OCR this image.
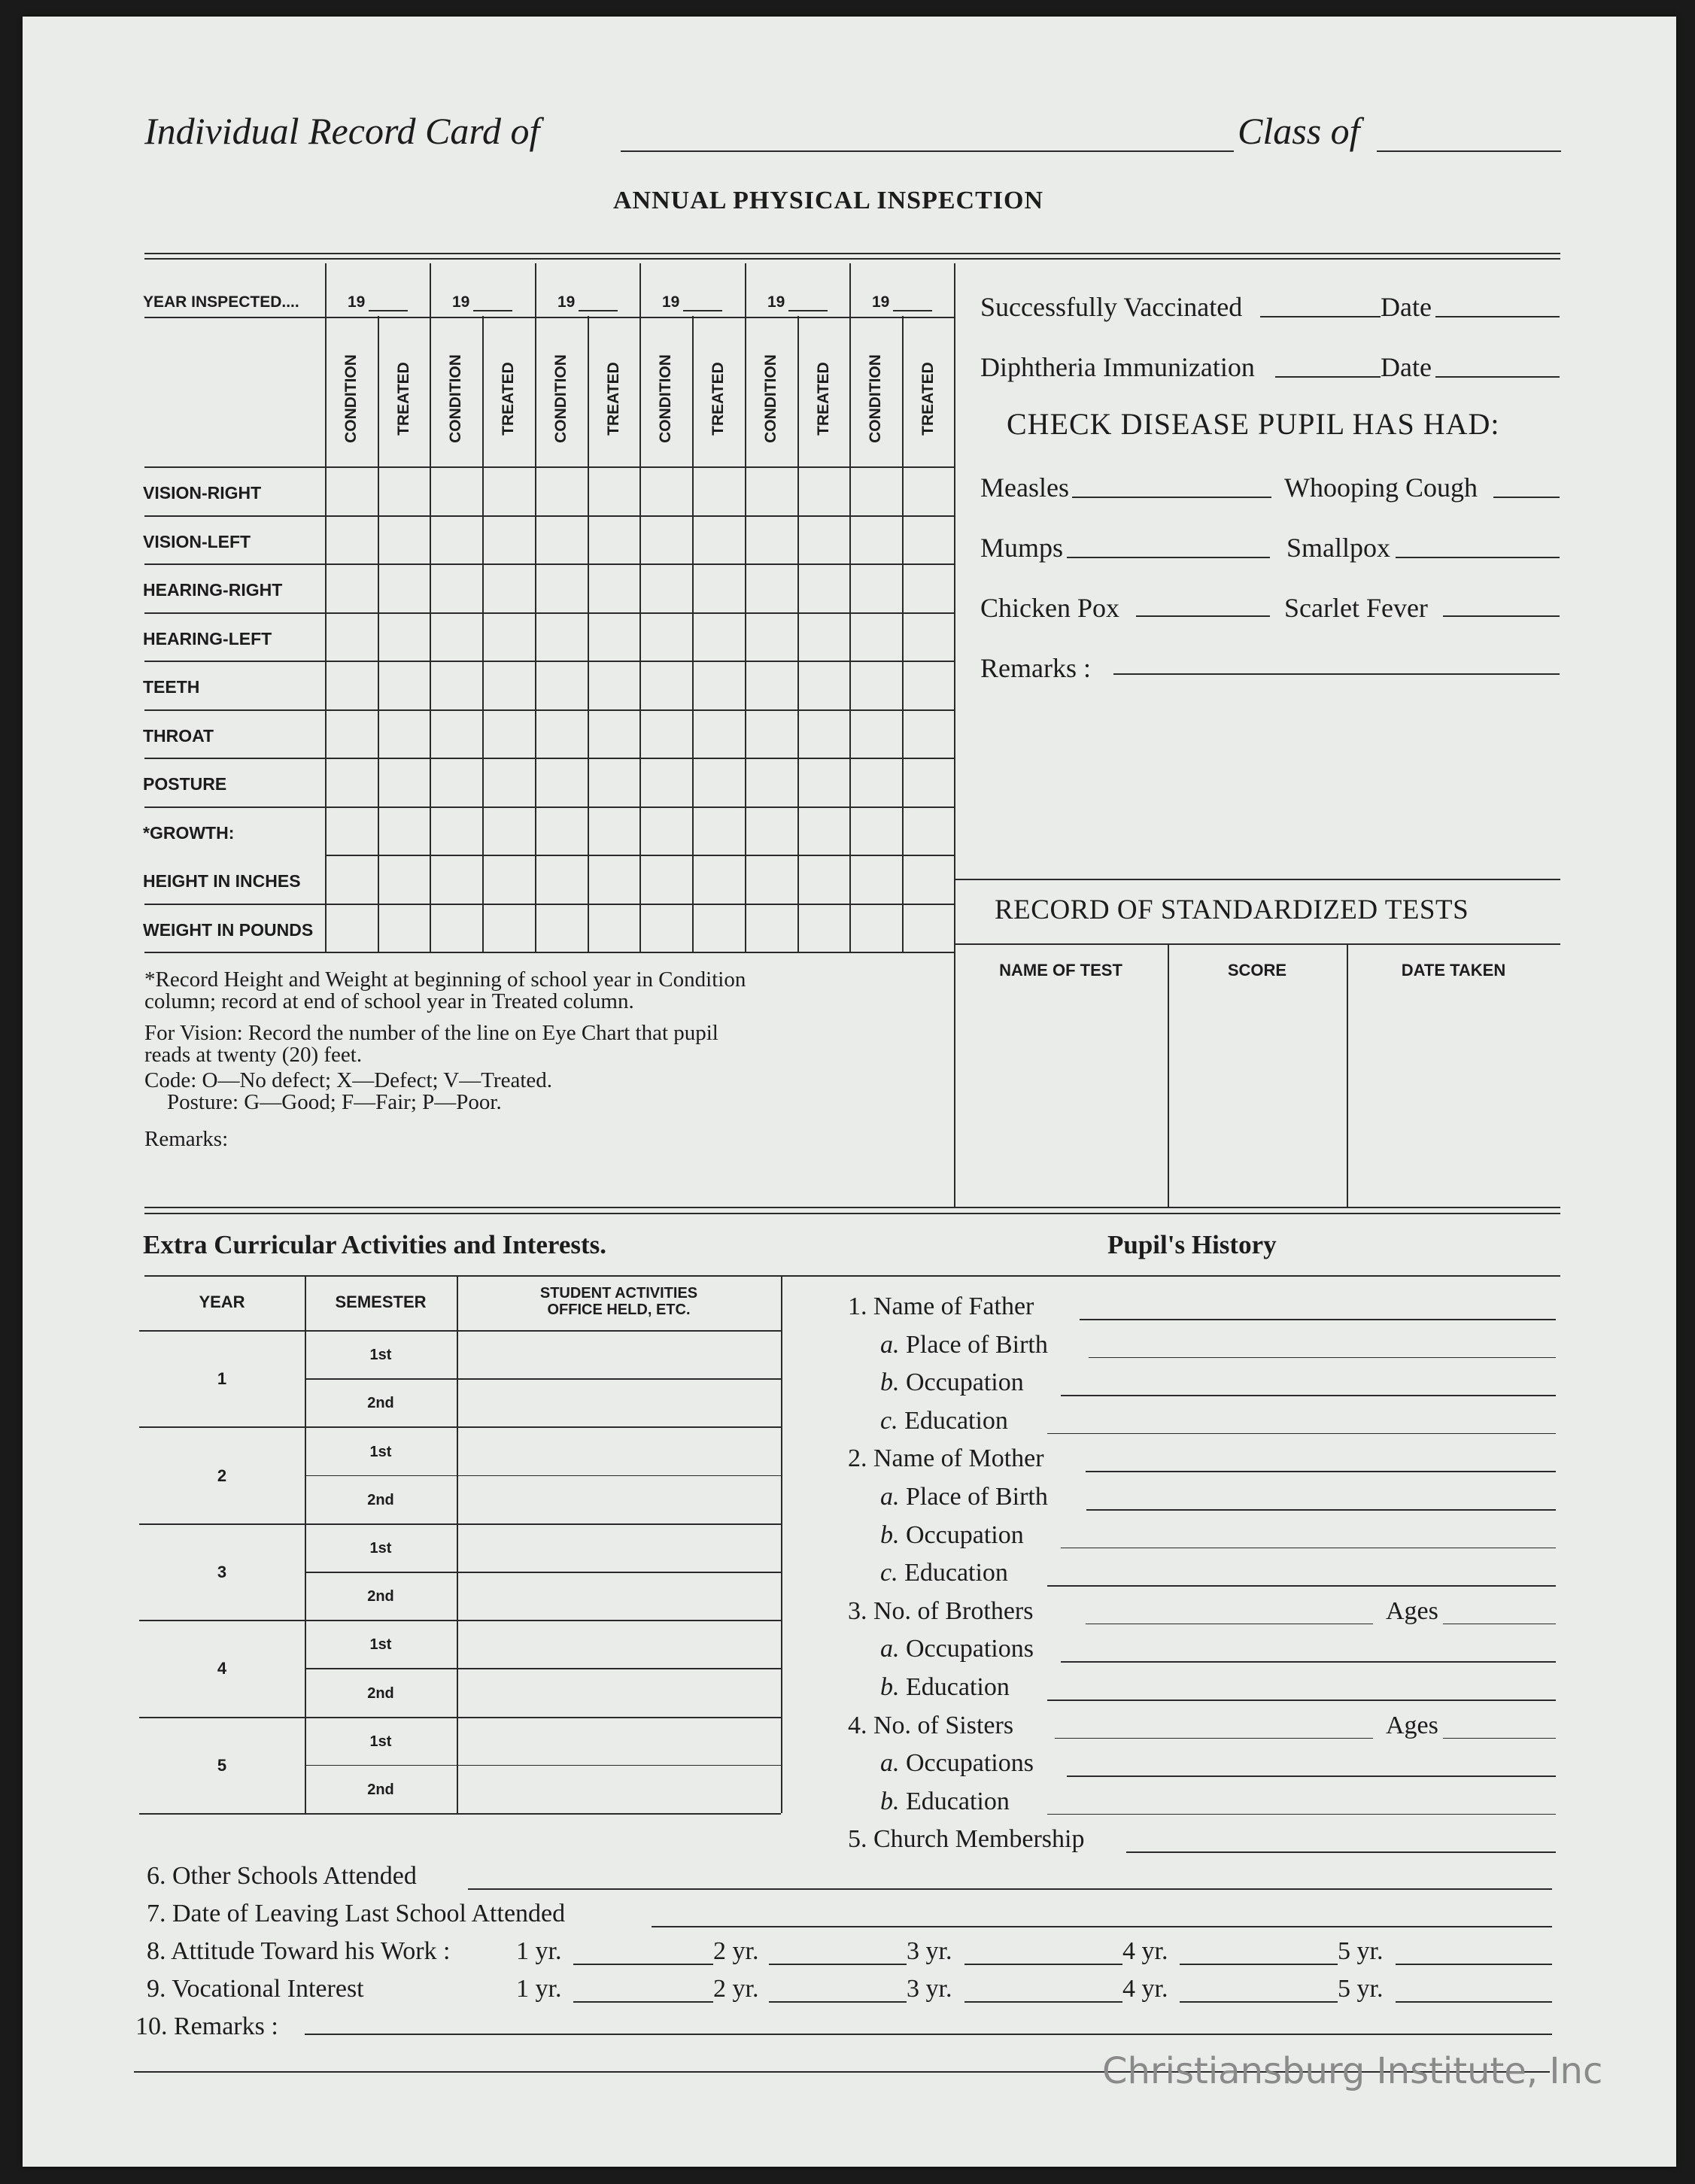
Individual Record Card of	Class of
ANNUAL PHYSICAL INSPECTION
YEAR INSPECTED....
*Record Height and Weight at beginning of school year in Condition
column; record at end of school year in Treated column.
For Vision: Record the number of the line on Eye Chart that pupil
reads at twenty (20) feet.
Code: O—No defect; X—Defect; V—Treated.
Posture: G—Good; F—Fair; P—Poor.
Remarks:
Successfully Vaccinated	Date
Diphtheria Immunization	Date
CHECK DISEASE PUPIL HAS HAD:
Measles	Whooping Cough
Mumps	Smallpox
Chicken Pox	Scarlet Fever
Remarks :
RECORD OF STANDARDIZED TESTS
NAME OF TEST	SCORE	DATE TAKEN
Extra Curricular Activities and Interests.	Pupil's History
Christiansburg Institute, Inc
19	19	19	19	19	19
CONDITION TREATED CONDITION TREATED CONDITION TREATED CONDITION TREATED CONDITION TREATED CONDITION TREATED
VISION-RIGHT
VISION-LEFT
HEARING-RIGHT
HEARING-LEFT
TEETH
THROAT
POSTURE
*GROWTH:
HEIGHT IN INCHES
WEIGHT IN POUNDS
YEAR	SEMESTER	STUDENT ACTIVITIES
OFFICE HELD, ETC.
1
1st
2nd
2
1st
2nd
3
1st
2nd
4
1st
2nd
5
1st
2nd
1. Name of Father
a. Place of Birth
b. Occupation
c. Education
2. Name of Mother
a. Place of Birth
b. Occupation
c. Education
3. No. of Brothers	Ages
a. Occupations
b. Education
4. No. of Sisters	Ages
a. Occupations
b. Education
5. Church Membership
6. Other Schools Attended
7. Date of Leaving Last School Attended
8. Attitude Toward his Work :	1 yr.	2 yr.	3 yr.	4 yr.	5 yr.
9. Vocational Interest	1 yr.	2 yr.	3 yr.	4 yr.	5 yr.
10. Remarks :
